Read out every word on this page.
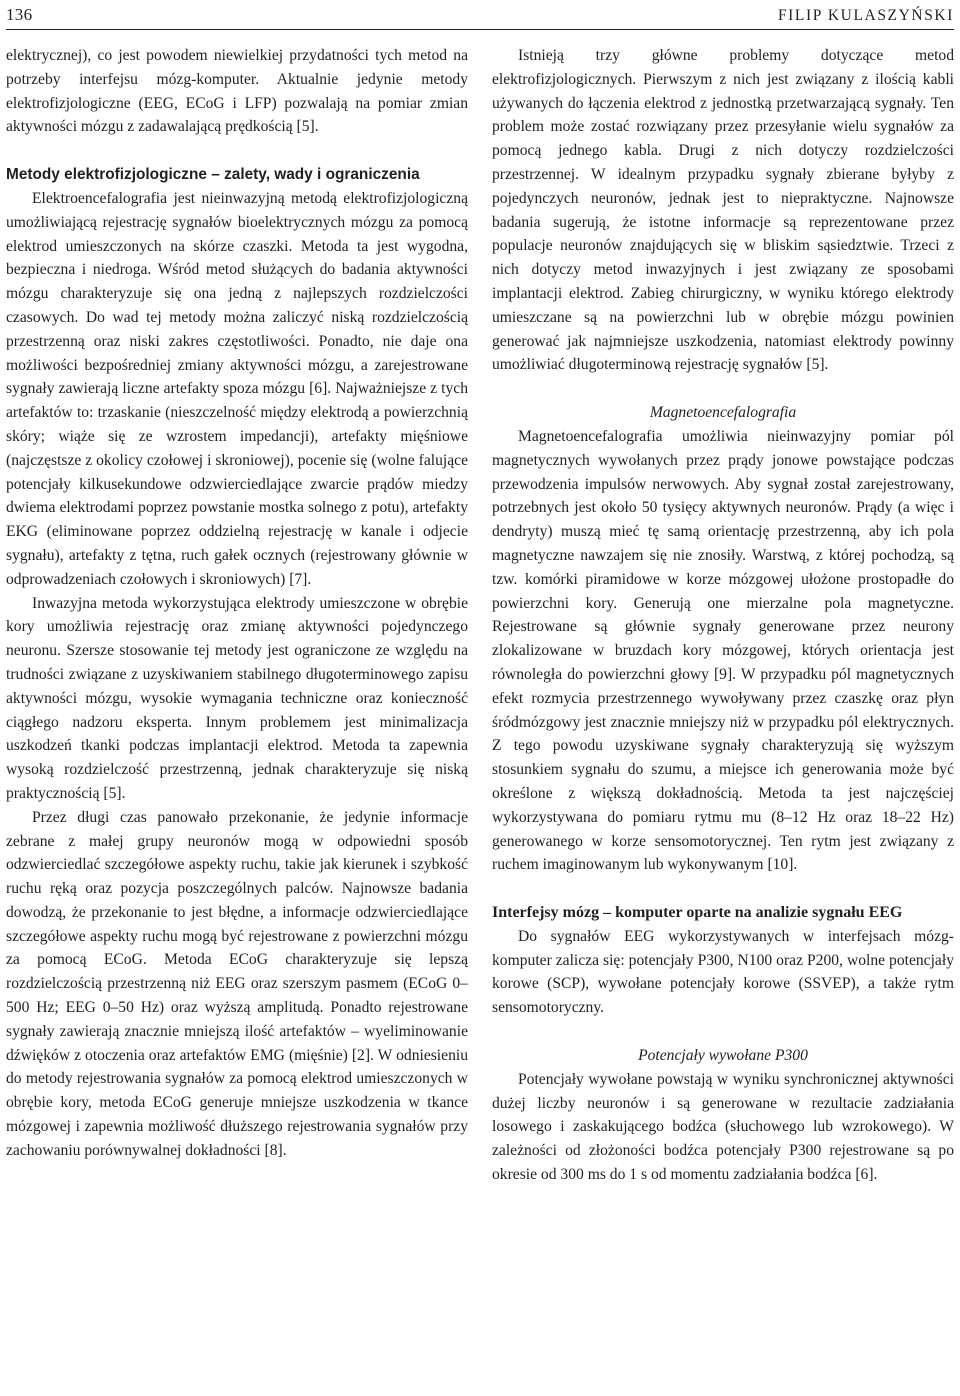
136	FILIP KULASZYŃSKI

elektrycznej), co jest powodem niewielkiej przydatności tych metod na potrzeby interfejsu mózg-komputer. Aktualnie jedynie metody elektrofizjologiczne (EEG, ECoG i LFP) pozwalają na pomiar zmian aktywności mózgu z zadawalającą prędkością [5].

Metody elektrofizjologiczne – zalety, wady i ograniczenia

Elektroencefalografia jest nieinwazyjną metodą elektrofizjologiczną umożliwiającą rejestrację sygnałów bioelektrycznych mózgu za pomocą elektrod umieszczonych na skórze czaszki. Metoda ta jest wygodna, bezpieczna i niedroga. Wśród metod służących do badania aktywności mózgu charakteryzuje się ona jedną z najlepszych rozdzielczości czasowych. Do wad tej metody można zaliczyć niską rozdzielczością przestrzenną oraz niski zakres częstotliwości. Ponadto, nie daje ona możliwości bezpośredniej zmiany aktywności mózgu, a zarejestrowane sygnały zawierają liczne artefakty spoza mózgu [6]. Najważniejsze z tych artefaktów to: trzaskanie (nieszczelność między elektrodą a powierzchnią skóry; wiąże się ze wzrostem impedancji), artefakty mięśniowe (najczęstsze z okolicy czołowej i skroniowej), pocenie się (wolne falujące potencjały kilkusekundowe odzwierciedlające zwarcie prądów miedzy dwiema elektrodami poprzez powstanie mostka solnego z potu), artefakty EKG (eliminowane poprzez oddzielną rejestrację w kanale i odjecie sygnału), artefakty z tętna, ruch gałek ocznych (rejestrowany głównie w odprowadzeniach czołowych i skroniowych) [7].

Inwazyjna metoda wykorzystująca elektrody umieszczone w obrębie kory umożliwia rejestrację oraz zmianę aktywności pojedynczego neuronu. Szersze stosowanie tej metody jest ograniczone ze względu na trudności związane z uzyskiwaniem stabilnego długoterminowego zapisu aktywności mózgu, wysokie wymagania techniczne oraz konieczność ciągłego nadzoru eksperta. Innym problemem jest minimalizacja uszkodzeń tkanki podczas implantacji elektrod. Metoda ta zapewnia wysoką rozdzielczość przestrzenną, jednak charakteryzuje się niską praktycznością [5].

Przez długi czas panowało przekonanie, że jedynie informacje zebrane z małej grupy neuronów mogą w odpowiedni sposób odzwierciedlać szczegółowe aspekty ruchu, takie jak kierunek i szybkość ruchu ręką oraz pozycja poszczególnych palców. Najnowsze badania dowodzą, że przekonanie to jest błędne, a informacje odzwierciedlające szczegółowe aspekty ruchu mogą być rejestrowane z powierzchni mózgu za pomocą ECoG. Metoda ECoG charakteryzuje się lepszą rozdzielczością przestrzenną niż EEG oraz szerszym pasmem (ECoG 0–500 Hz; EEG 0–50 Hz) oraz wyższą amplitudą. Ponadto rejestrowane sygnały zawierają znacznie mniejszą ilość artefaktów – wyeliminowanie dźwięków z otoczenia oraz artefaktów EMG (mięśnie) [2]. W odniesieniu do metody rejestrowania sygnałów za pomocą elektrod umieszczonych w obrębie kory, metoda ECoG generuje mniejsze uszkodzenia w tkance mózgowej i zapewnia możliwość dłuższego rejestrowania sygnałów przy zachowaniu porównywalnej dokładności [8].

Istnieją trzy główne problemy dotyczące metod elektrofizjologicznych. Pierwszym z nich jest związany z ilością kabli używanych do łączenia elektrod z jednostką przetwarzającą sygnały. Ten problem może zostać rozwiązany przez przesyłanie wielu sygnałów za pomocą jednego kabla. Drugi z nich dotyczy rozdzielczości przestrzennej. W idealnym przypadku sygnały zbierane byłyby z pojedynczych neuronów, jednak jest to niepraktyczne. Najnowsze badania sugerują, że istotne informacje są reprezentowane przez populacje neuronów znajdujących się w bliskim sąsiedztwie. Trzeci z nich dotyczy metod inwazyjnych i jest związany ze sposobami implantacji elektrod. Zabieg chirurgiczny, w wyniku którego elektrody umieszczane są na powierzchni lub w obrębie mózgu powinien generować jak najmniejsze uszkodzenia, natomiast elektrody powinny umożliwiać długoterminową rejestrację sygnałów [5].

Magnetoencefalografia

Magnetoencefalografia umożliwia nieinwazyjny pomiar pól magnetycznych wywołanych przez prądy jonowe powstające podczas przewodzenia impulsów nerwowych. Aby sygnał został zarejestrowany, potrzebnych jest około 50 tysięcy aktywnych neuronów. Prądy (a więc i dendryty) muszą mieć tę samą orientację przestrzenną, aby ich pola magnetyczne nawzajem się nie znosiły. Warstwą, z której pochodzą, są tzw. komórki piramidowe w korze mózgowej ułożone prostopadłe do powierzchni kory. Generują one mierzalne pola magnetyczne. Rejestrowane są głównie sygnały generowane przez neurony zlokalizowane w bruzdach kory mózgowej, których orientacja jest równoległa do powierzchni głowy [9]. W przypadku pól magnetycznych efekt rozmycia przestrzennego wywoływany przez czaszkę oraz płyn śródmózgowy jest znacznie mniejszy niż w przypadku pól elektrycznych. Z tego powodu uzyskiwane sygnały charakteryzują się wyższym stosunkiem sygnału do szumu, a miejsce ich generowania może być określone z większą dokładnością. Metoda ta jest najczęściej wykorzystywana do pomiaru rytmu mu (8–12 Hz oraz 18–22 Hz) generowanego w korze sensomotorycznej. Ten rytm jest związany z ruchem imaginowanym lub wykonywanym [10].

Interfejsy mózg – komputer oparte na analizie sygnału EEG

Do sygnałów EEG wykorzystywanych w interfejsach mózg-komputer zalicza się: potencjały P300, N100 oraz P200, wolne potencjały korowe (SCP), wywołane potencjały korowe (SSVEP), a także rytm sensomotoryczny.

Potencjały wywołane P300

Potencjały wywołane powstają w wyniku synchronicznej aktywności dużej liczby neuronów i są generowane w rezultacie zadziałania losowego i zaskakującego bodźca (słuchowego lub wzrokowego). W zależności od złożoności bodźca potencjały P300 rejestrowane są po okresie od 300 ms do 1 s od momentu zadziałania bodźca [6].
